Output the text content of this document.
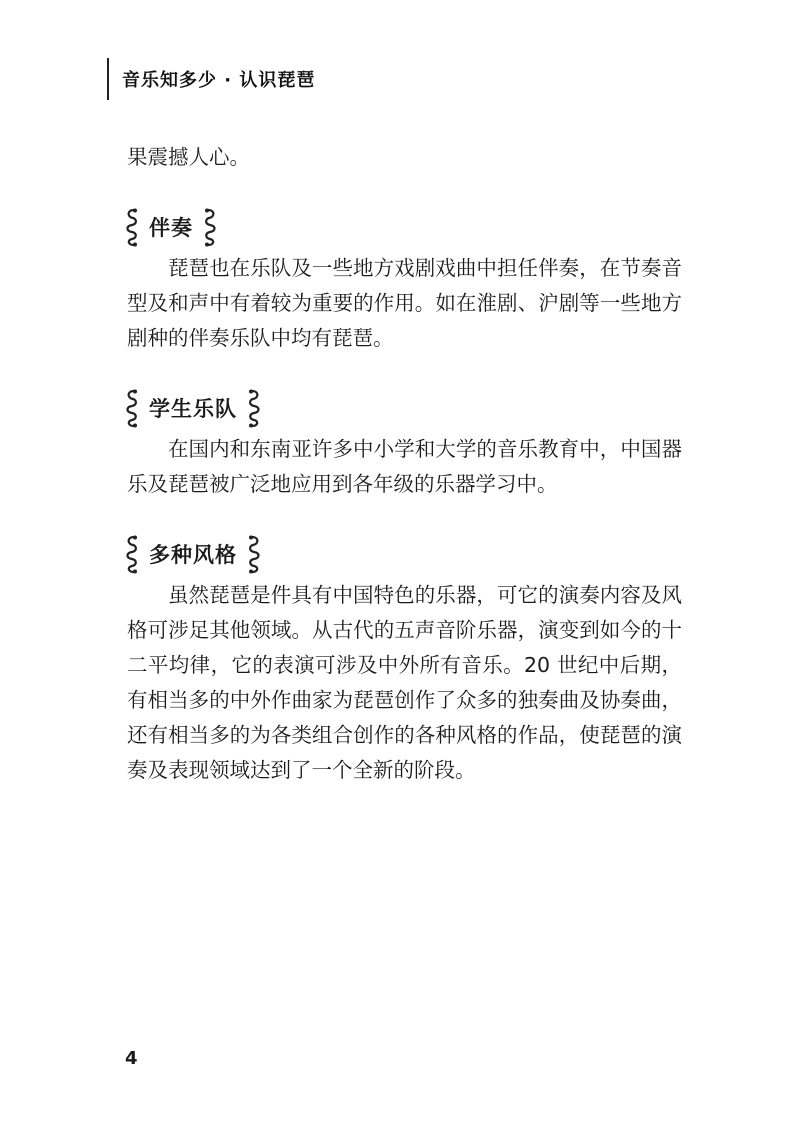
音乐知多少 · 认识琵琶

果震撼人心。

伴奏

琵琶也在乐队及一些地方戏剧戏曲中担任伴奏，在节奏音型及和声中有着较为重要的作用。如在淮剧、沪剧等一些地方剧种的伴奏乐队中均有琵琶。

学生乐队

在国内和东南亚许多中小学和大学的音乐教育中，中国器乐及琵琶被广泛地应用到各年级的乐器学习中。

多种风格

虽然琵琶是件具有中国特色的乐器，可它的演奏内容及风格可涉足其他领域。从古代的五声音阶乐器，演变到如今的十二平均律，它的表演可涉及中外所有音乐。20 世纪中后期，有相当多的中外作曲家为琵琶创作了众多的独奏曲及协奏曲，还有相当多的为各类组合创作的各种风格的作品，使琵琶的演奏及表现领域达到了一个全新的阶段。

4
